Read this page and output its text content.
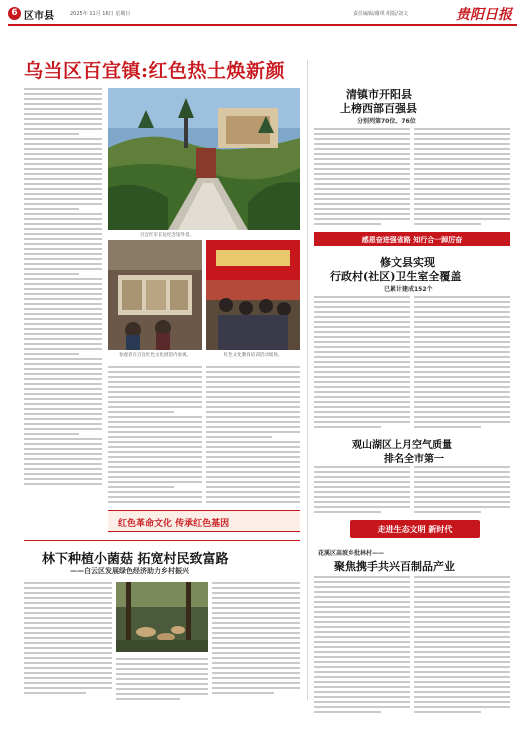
6 区市县	2025年 11月 16日 星期日	责任编辑/谢琪 组版/刘文	贵阳日报
乌当区百宜镇:红色热土焕新颜
百宜红军长征纪念馆外景。
参观者在百宜红色文化展馆内参观。	红色文化教育培训活动现场。
红色革命文化 传承红色基因
清镇市开阳县
上榜西部百强县
分别列第70位、76位
感恩奋进强省路 知行合一踔厉奋
修文县实现
行政村(社区)卫生室全覆盖
已累计建成152个
观山湖区上月空气质量
排名全市第一
走进生态文明 新时代
花溪区高坡乡批林村——
聚焦携手共兴百制品产业
林下种植小菌菇 拓宽村民致富路
——白云区发展绿色经济助力乡村振兴
